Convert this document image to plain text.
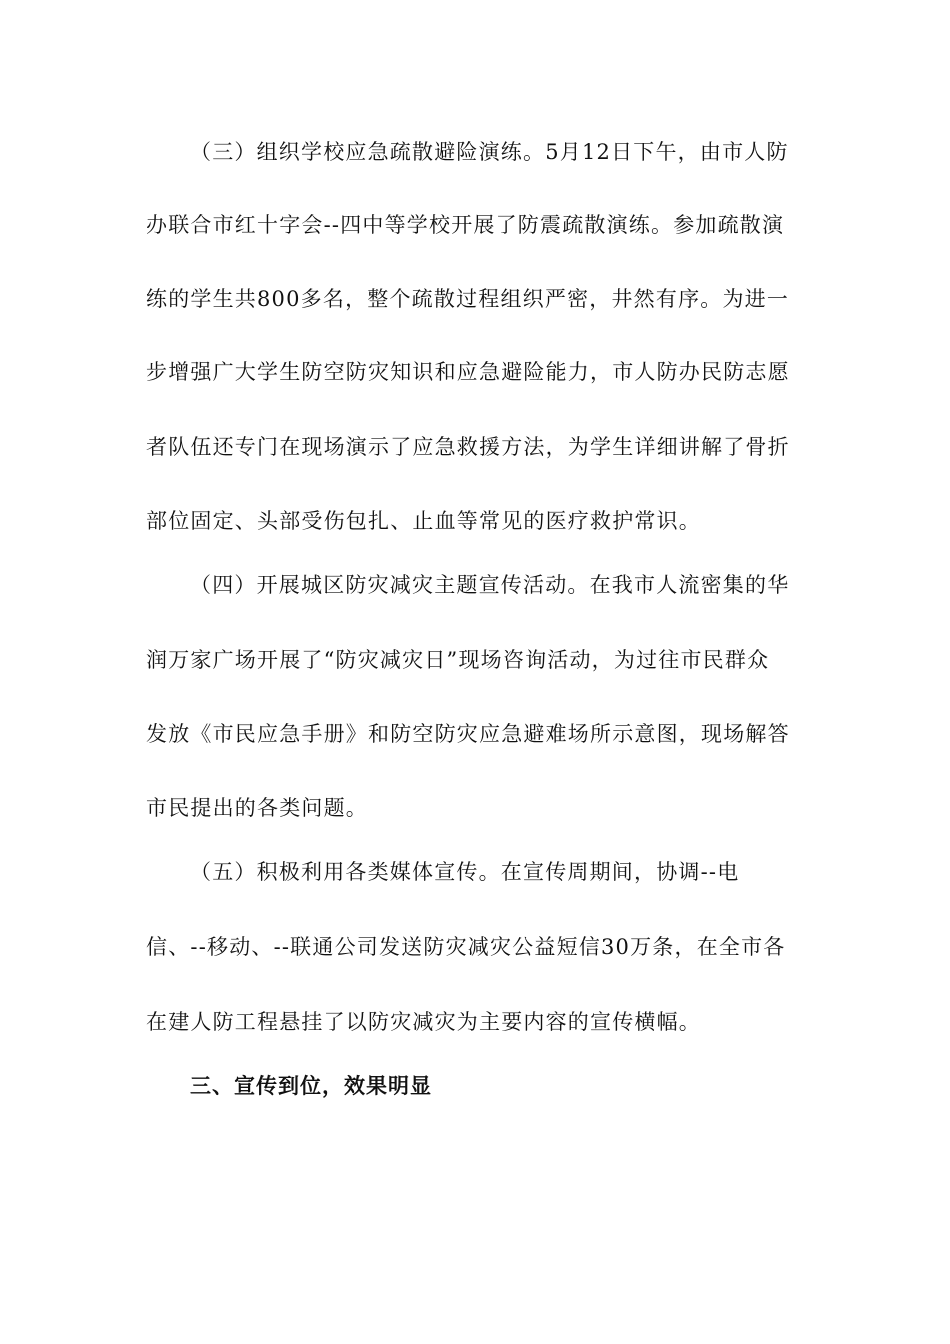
（三）组织学校应急疏散避险演练。5月12日下午，由市人防
办联合市红十字会--四中等学校开展了防震疏散演练。参加疏散演
练的学生共800多名，整个疏散过程组织严密，井然有序。为进一
步增强广大学生防空防灾知识和应急避险能力，市人防办民防志愿
者队伍还专门在现场演示了应急救援方法，为学生详细讲解了骨折
部位固定、头部受伤包扎、止血等常见的医疗救护常识。
（四）开展城区防灾减灾主题宣传活动。在我市人流密集的华
润万家广场开展了“防灾减灾日”现场咨询活动，为过往市民群众
发放《市民应急手册》和防空防灾应急避难场所示意图，现场解答
市民提出的各类问题。
（五）积极利用各类媒体宣传。在宣传周期间，协调--电
信、--移动、--联通公司发送防灾减灾公益短信30万条，在全市各
在建人防工程悬挂了以防灾减灾为主要内容的宣传横幅。
三、宣传到位，效果明显
